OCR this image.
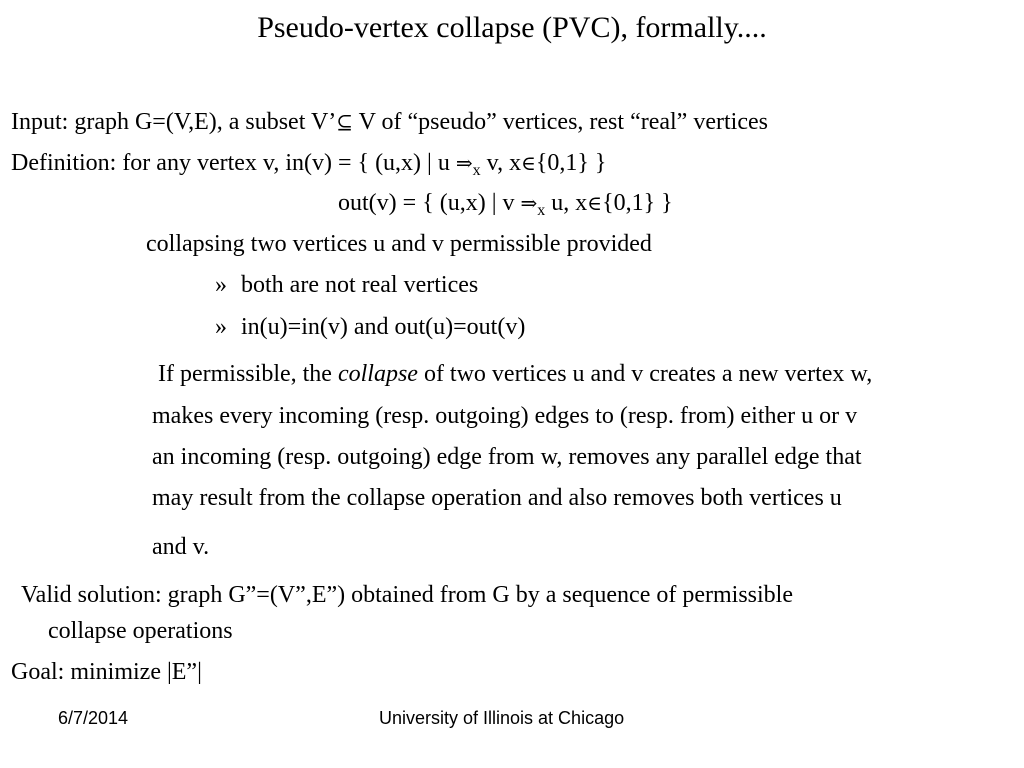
Pseudo-vertex collapse (PVC), formally....
Input: graph G=(V,E), a subset V’⊆ V of “pseudo” vertices, rest “real” vertices
Definition: for any vertex v, in(v) = { (u,x) | u $\Rightarrow_x$ v, x∈{0,1} }
out(v) = { (u,x) | v $\Rightarrow_x$ u, x∈{0,1} }
collapsing two vertices u and v permissible provided
» both are not real vertices
» in(u)=in(v) and out(u)=out(v)
If permissible, the collapse of two vertices u and v creates a new vertex w,
makes every incoming (resp. outgoing) edges to (resp. from) either u or v
an incoming (resp. outgoing) edge from w, removes any parallel edge that
may result from the collapse operation and also removes both vertices u
and v.
Valid solution: graph G”=(V”,E”) obtained from G by a sequence of permissible
collapse operations
Goal: minimize |E”|
6/7/2014	University of Illinois at Chicago
